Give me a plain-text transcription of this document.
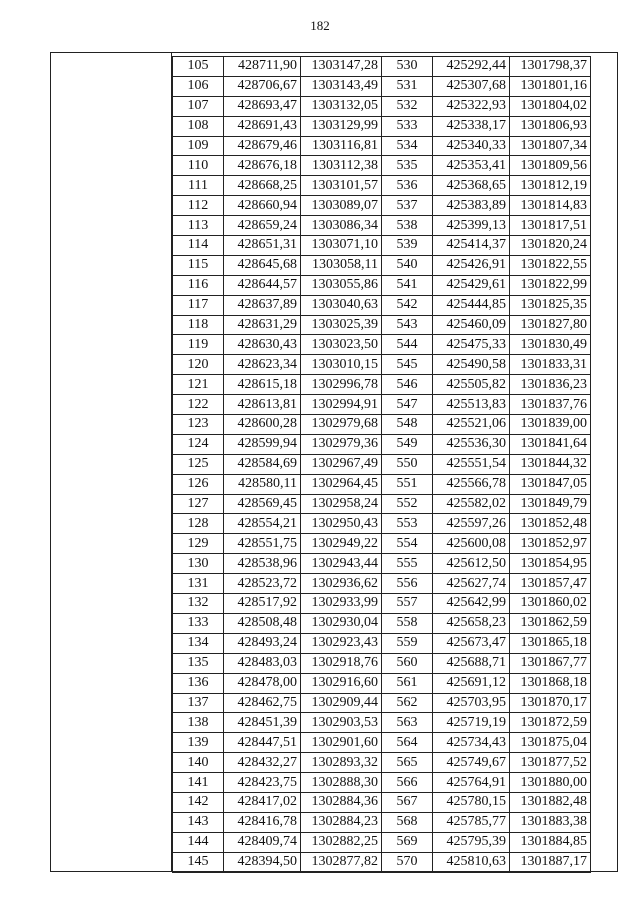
182
105	428711,90	1303147,28	530	425292,44	1301798,37
106	428706,67	1303143,49	531	425307,68	1301801,16
107	428693,47	1303132,05	532	425322,93	1301804,02
108	428691,43	1303129,99	533	425338,17	1301806,93
109	428679,46	1303116,81	534	425340,33	1301807,34
110	428676,18	1303112,38	535	425353,41	1301809,56
111	428668,25	1303101,57	536	425368,65	1301812,19
112	428660,94	1303089,07	537	425383,89	1301814,83
113	428659,24	1303086,34	538	425399,13	1301817,51
114	428651,31	1303071,10	539	425414,37	1301820,24
115	428645,68	1303058,11	540	425426,91	1301822,55
116	428644,57	1303055,86	541	425429,61	1301822,99
117	428637,89	1303040,63	542	425444,85	1301825,35
118	428631,29	1303025,39	543	425460,09	1301827,80
119	428630,43	1303023,50	544	425475,33	1301830,49
120	428623,34	1303010,15	545	425490,58	1301833,31
121	428615,18	1302996,78	546	425505,82	1301836,23
122	428613,81	1302994,91	547	425513,83	1301837,76
123	428600,28	1302979,68	548	425521,06	1301839,00
124	428599,94	1302979,36	549	425536,30	1301841,64
125	428584,69	1302967,49	550	425551,54	1301844,32
126	428580,11	1302964,45	551	425566,78	1301847,05
127	428569,45	1302958,24	552	425582,02	1301849,79
128	428554,21	1302950,43	553	425597,26	1301852,48
129	428551,75	1302949,22	554	425600,08	1301852,97
130	428538,96	1302943,44	555	425612,50	1301854,95
131	428523,72	1302936,62	556	425627,74	1301857,47
132	428517,92	1302933,99	557	425642,99	1301860,02
133	428508,48	1302930,04	558	425658,23	1301862,59
134	428493,24	1302923,43	559	425673,47	1301865,18
135	428483,03	1302918,76	560	425688,71	1301867,77
136	428478,00	1302916,60	561	425691,12	1301868,18
137	428462,75	1302909,44	562	425703,95	1301870,17
138	428451,39	1302903,53	563	425719,19	1301872,59
139	428447,51	1302901,60	564	425734,43	1301875,04
140	428432,27	1302893,32	565	425749,67	1301877,52
141	428423,75	1302888,30	566	425764,91	1301880,00
142	428417,02	1302884,36	567	425780,15	1301882,48
143	428416,78	1302884,23	568	425785,77	1301883,38
144	428409,74	1302882,25	569	425795,39	1301884,85
145	428394,50	1302877,82	570	425810,63	1301887,17
